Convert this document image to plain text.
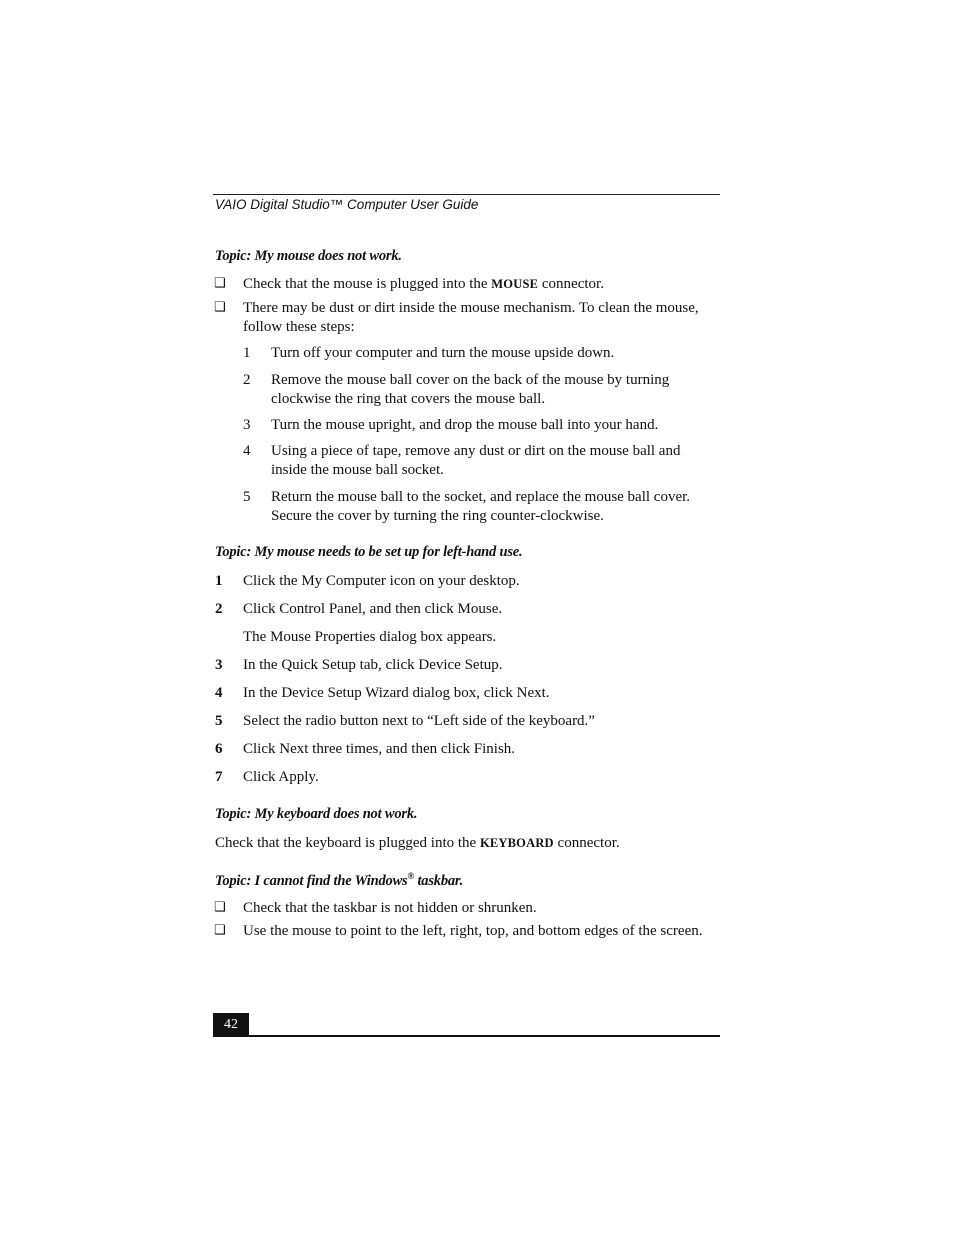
VAIO Digital Studio™ Computer User Guide
Topic: My mouse does not work.
❑ Check that the mouse is plugged into the MOUSE connector.
❑ There may be dust or dirt inside the mouse mechanism. To clean the mouse,
follow these steps:
1 Turn off your computer and turn the mouse upside down.
2 Remove the mouse ball cover on the back of the mouse by turning
clockwise the ring that covers the mouse ball.
3 Turn the mouse upright, and drop the mouse ball into your hand.
4 Using a piece of tape, remove any dust or dirt on the mouse ball and
inside the mouse ball socket.
5 Return the mouse ball to the socket, and replace the mouse ball cover.
Secure the cover by turning the ring counter-clockwise.
Topic: My mouse needs to be set up for left-hand use.
1 Click the My Computer icon on your desktop.
2 Click Control Panel, and then click Mouse.
The Mouse Properties dialog box appears.
3 In the Quick Setup tab, click Device Setup.
4 In the Device Setup Wizard dialog box, click Next.
5 Select the radio button next to “Left side of the keyboard.”
6 Click Next three times, and then click Finish.
7 Click Apply.
Topic: My keyboard does not work.
Check that the keyboard is plugged into the KEYBOARD connector.
Topic: I cannot find the Windows® taskbar.
❑ Check that the taskbar is not hidden or shrunken.
❑ Use the mouse to point to the left, right, top, and bottom edges of the screen.
42
